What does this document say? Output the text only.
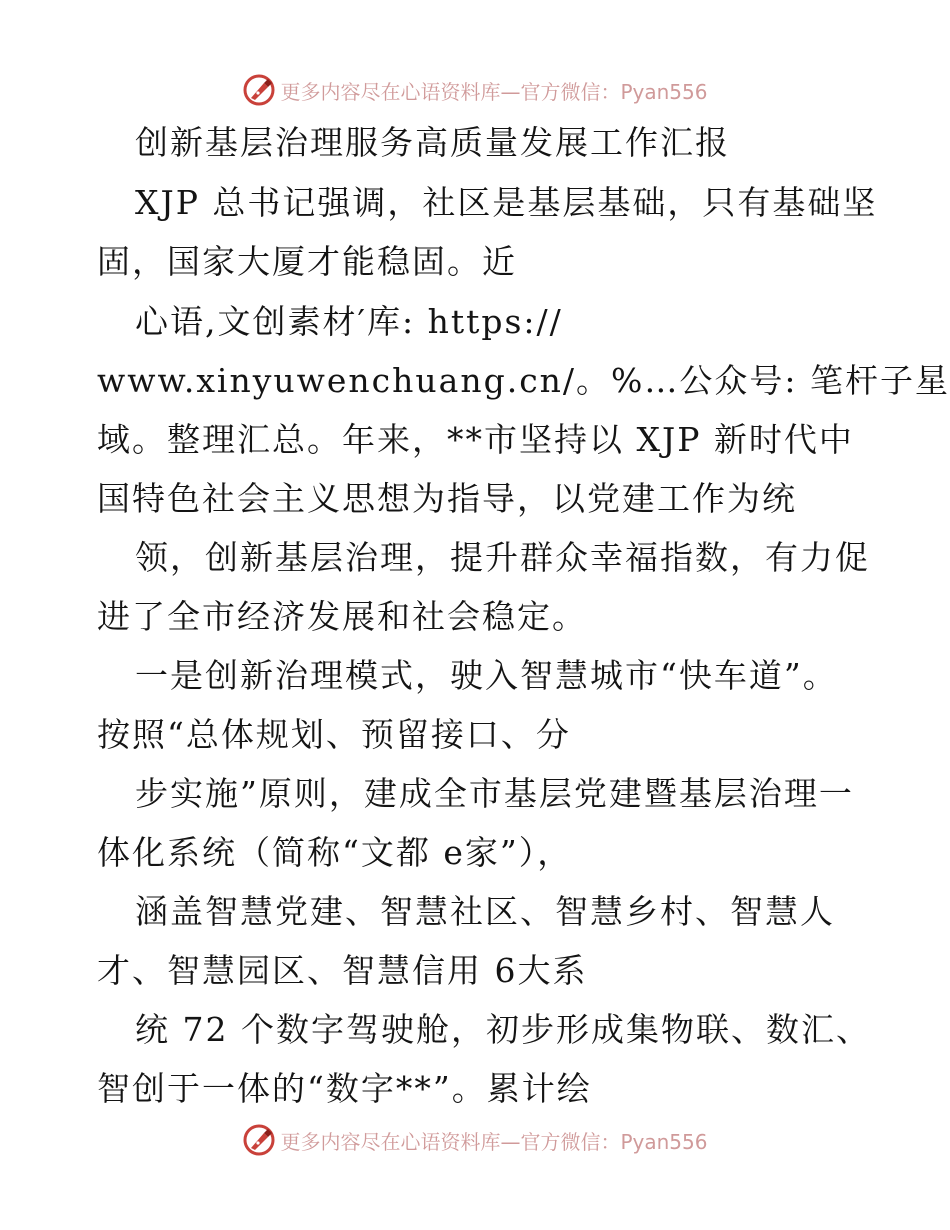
更多内容尽在心语资料库—官方微信：Pyan556
创新基层治理服务高质量发展工作汇报
XJP 总书记强调，社区是基层基础，只有基础坚
固，国家大厦才能稳固。近
心语,文创素材′库: https://
www.xinyuwenchuang.cn/。%…公众号: 笔杆子星
域。整理汇总。年来，**市坚持以 XJP 新时代中
国特色社会主义思想为指导，以党建工作为统
领，创新基层治理，提升群众幸福指数，有力促
进了全市经济发展和社会稳定。
一是创新治理模式，驶入智慧城市“快车道”。
按照“总体规划、预留接口、分
步实施”原则，建成全市基层党建暨基层治理一
体化系统（简称“文都 e家”），
涵盖智慧党建、智慧社区、智慧乡村、智慧人
才、智慧园区、智慧信用 6大系
统 72 个数字驾驶舱，初步形成集物联、数汇、
智创于一体的“数字**”。累计绘
更多内容尽在心语资料库—官方微信：Pyan556
